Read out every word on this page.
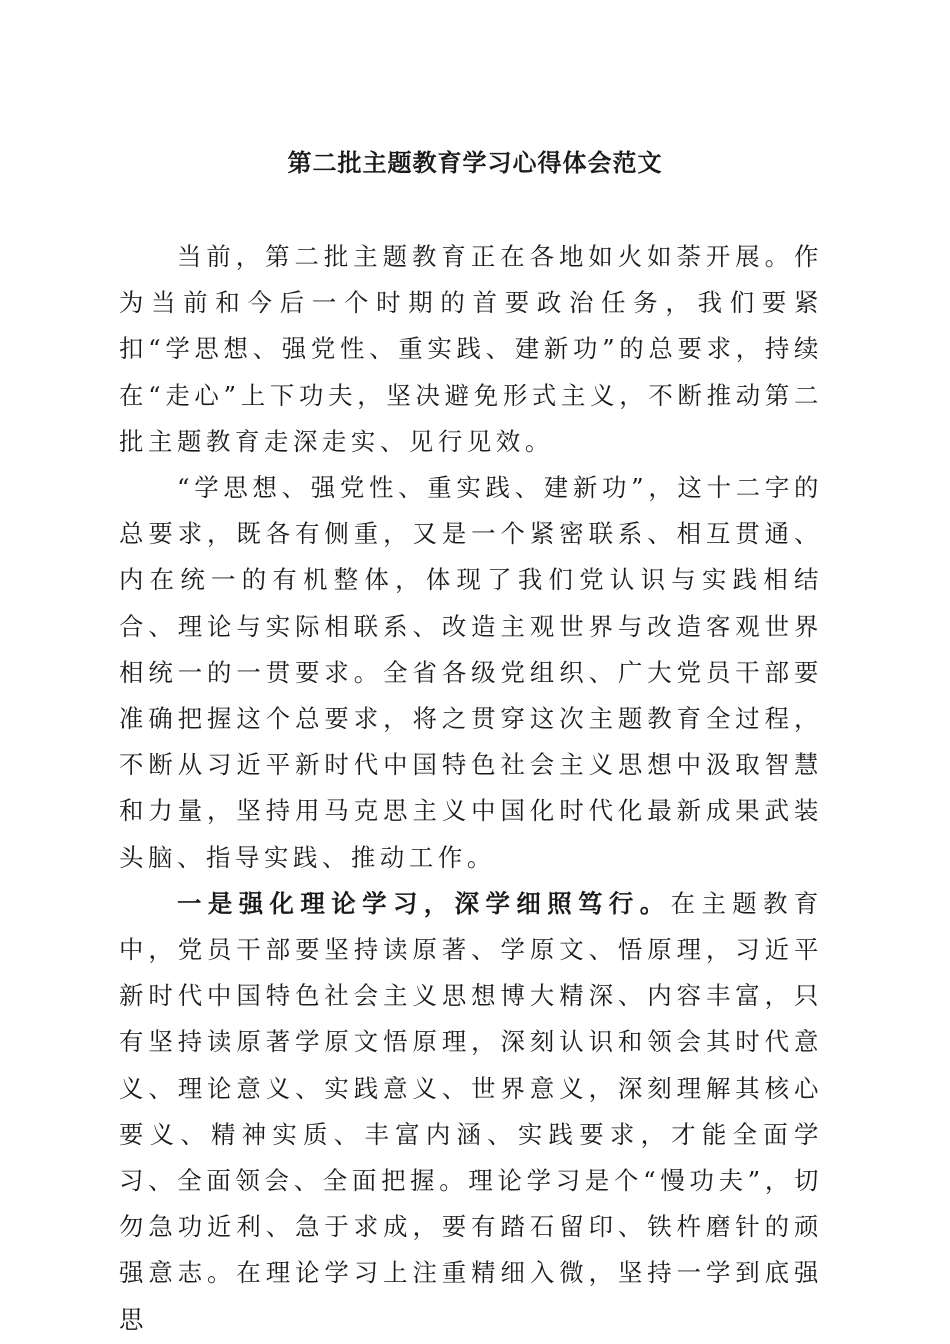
第二批主题教育学习心得体会范文

当前，第二批主题教育正在各地如火如荼开展。作为当前和今后一个时期的首要政治任务，我们要紧扣“学思想、强党性、重实践、建新功”的总要求，持续在“走心”上下功夫，坚决避免形式主义，不断推动第二批主题教育走深走实、见行见效。

“学思想、强党性、重实践、建新功”，这十二字的总要求，既各有侧重，又是一个紧密联系、相互贯通、内在统一的有机整体，体现了我们党认识与实践相结合、理论与实际相联系、改造主观世界与改造客观世界相统一的一贯要求。全省各级党组织、广大党员干部要准确把握这个总要求，将之贯穿这次主题教育全过程，不断从习近平新时代中国特色社会主义思想中汲取智慧和力量，坚持用马克思主义中国化时代化最新成果武装头脑、指导实践、推动工作。

一是强化理论学习，深学细照笃行。在主题教育中，党员干部要坚持读原著、学原文、悟原理，习近平新时代中国特色社会主义思想博大精深、内容丰富，只有坚持读原著学原文悟原理，深刻认识和领会其时代意义、理论意义、实践意义、世界意义，深刻理解其核心要义、精神实质、丰富内涵、实践要求，才能全面学习、全面领会、全面把握。理论学习是个“慢功夫”，切勿急功近利、急于求成，要有踏石留印、铁杵磨针的顽强意志。在理论学习上注重精细入微，坚持一学到底强思
